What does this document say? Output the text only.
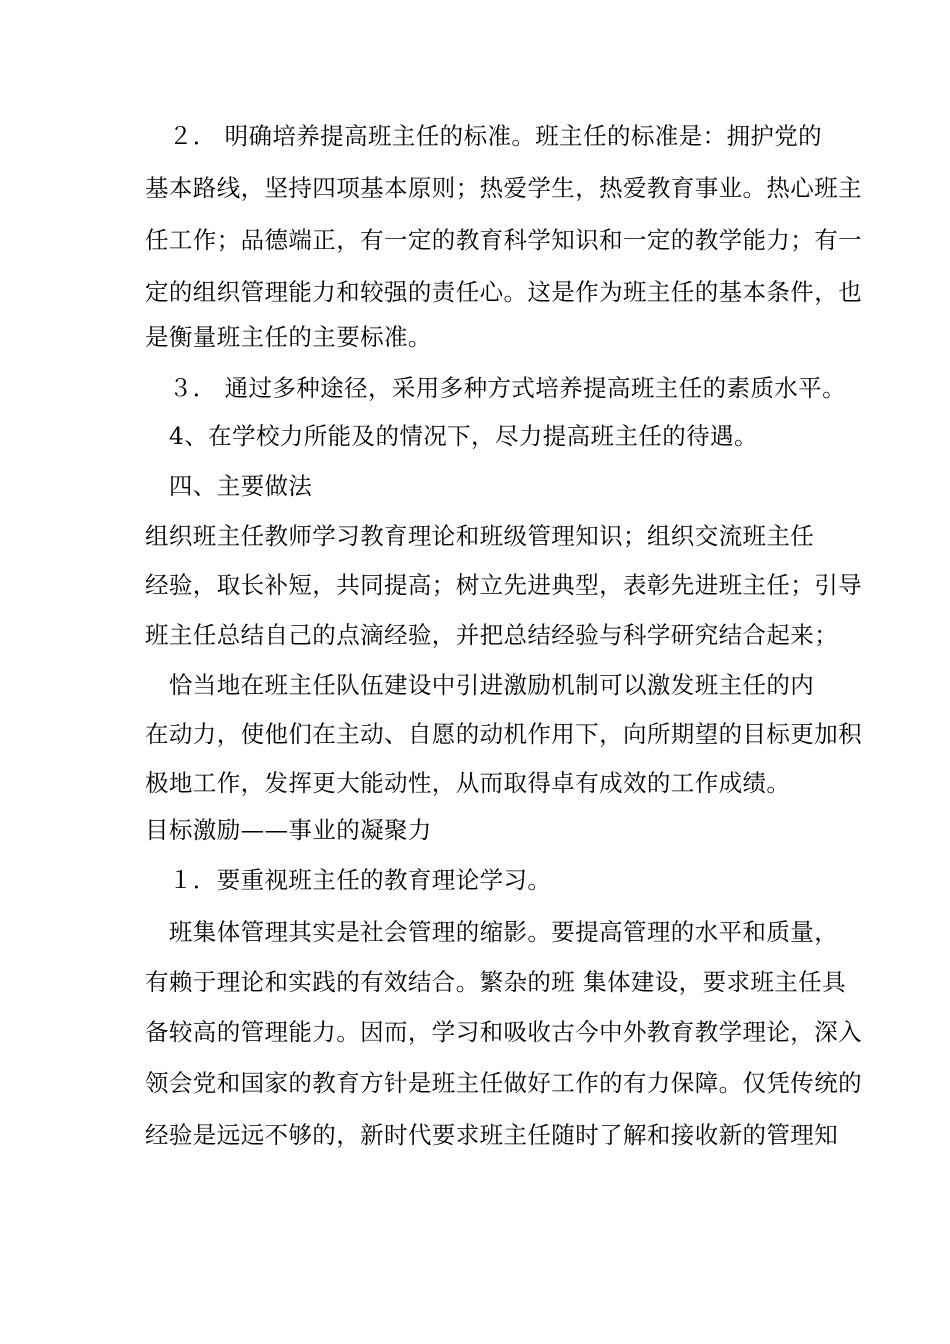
　２． 明确培养提高班主任的标准。班主任的标准是：拥护党的
基本路线，坚持四项基本原则；热爱学生，热爱教育事业。热心班主
任工作；品德端正，有一定的教育科学知识和一定的教学能力；有一
定的组织管理能力和较强的责任心。这是作为班主任的基本条件，也
是衡量班主任的主要标准。
　３． 通过多种途径，采用多种方式培养提高班主任的素质水平。
　4、在学校力所能及的情况下，尽力提高班主任的待遇。
　四、主要做法
组织班主任教师学习教育理论和班级管理知识；组织交流班主任
经验，取长补短，共同提高；树立先进典型，表彰先进班主任；引导
班主任总结自己的点滴经验，并把总结经验与科学研究结合起来；
　恰当地在班主任队伍建设中引进激励机制可以激发班主任的内
在动力，使他们在主动、自愿的动机作用下，向所期望的目标更加积
极地工作，发挥更大能动性，从而取得卓有成效的工作成绩。
目标激励——事业的凝聚力
　１．要重视班主任的教育理论学习。
　班集体管理其实是社会管理的缩影。要提高管理的水平和质量，
有赖于理论和实践的有效结合。繁杂的班 集体建设，要求班主任具
备较高的管理能力。因而，学习和吸收古今中外教育教学理论，深入
领会党和国家的教育方针是班主任做好工作的有力保障。仅凭传统的
经验是远远不够的，新时代要求班主任随时了解和接收新的管理知
